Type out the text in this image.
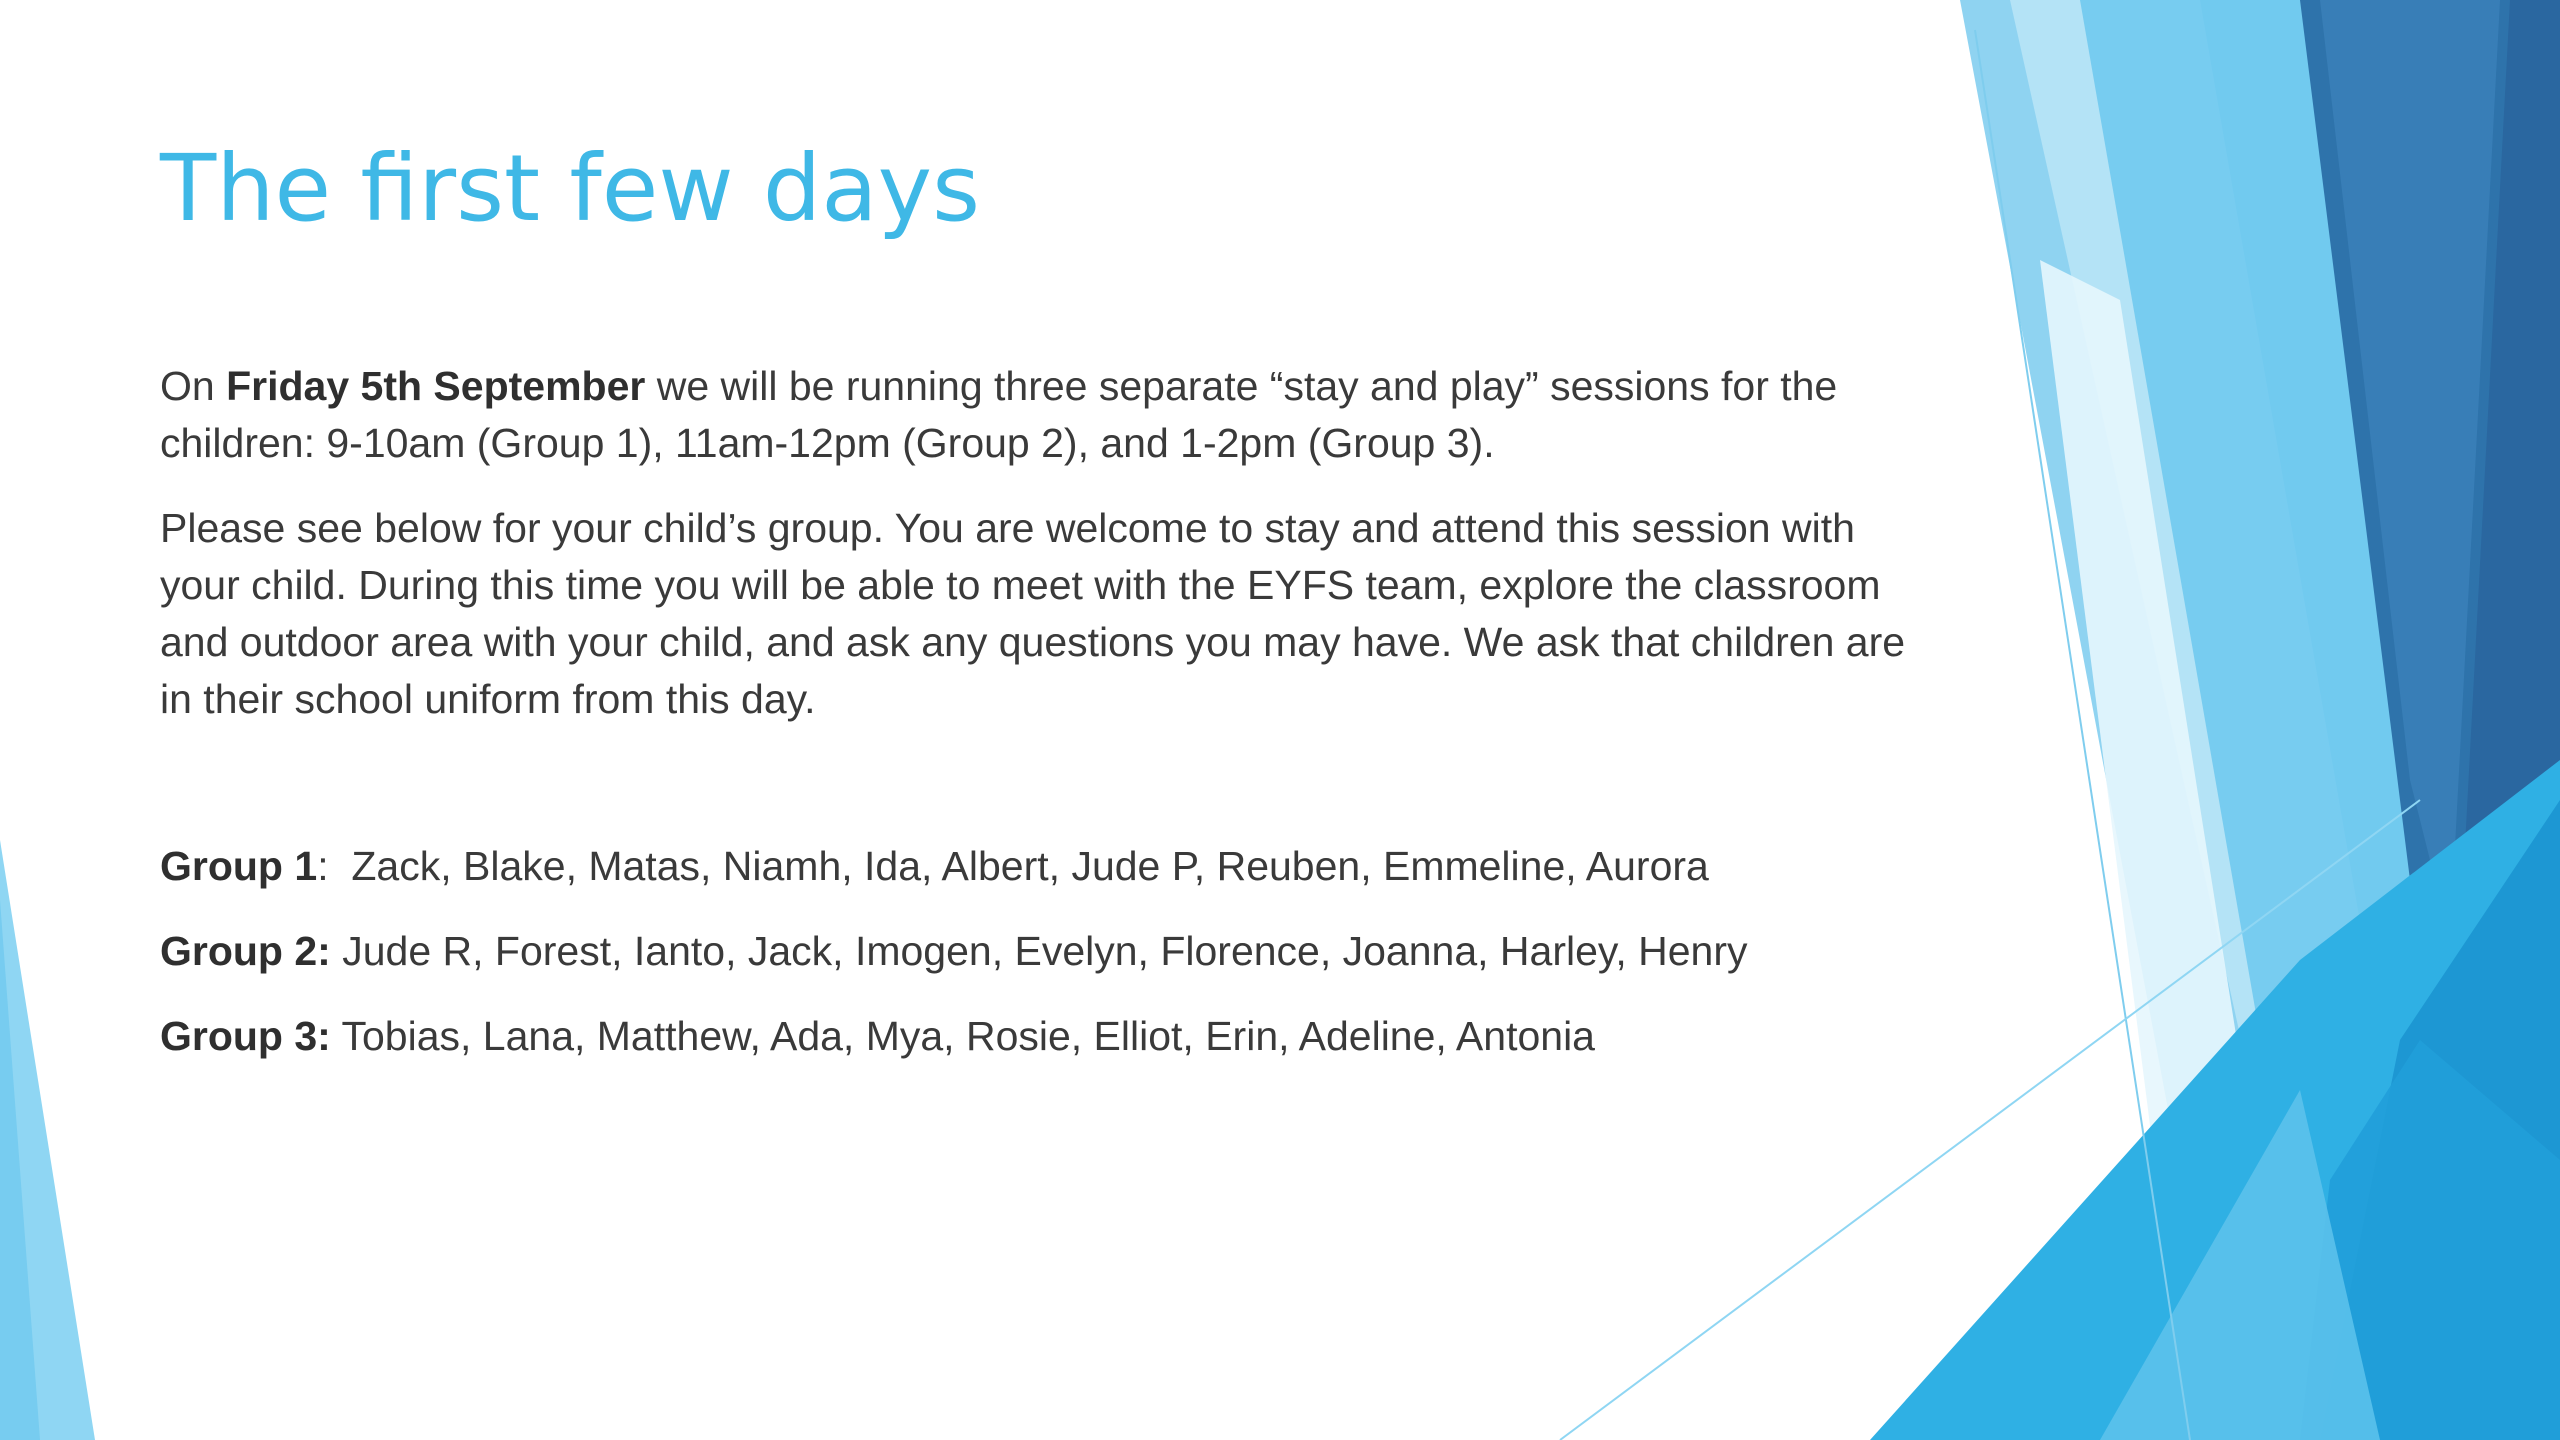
The first few days

On Friday 5th September we will be running three separate “stay and play” sessions for the children: 9-10am (Group 1), 11am-12pm (Group 2), and 1-2pm (Group 3).

Please see below for your child’s group. You are welcome to stay and attend this session with your child. During this time you will be able to meet with the EYFS team, explore the classroom and outdoor area with your child, and ask any questions you may have. We ask that children are in their school uniform from this day.

Group 1:  Zack, Blake, Matas, Niamh, Ida, Albert, Jude P, Reuben, Emmeline, Aurora

Group 2: Jude R, Forest, Ianto, Jack, Imogen, Evelyn, Florence, Joanna, Harley, Henry

Group 3: Tobias, Lana, Matthew, Ada, Mya, Rosie, Elliot, Erin, Adeline, Antonia
